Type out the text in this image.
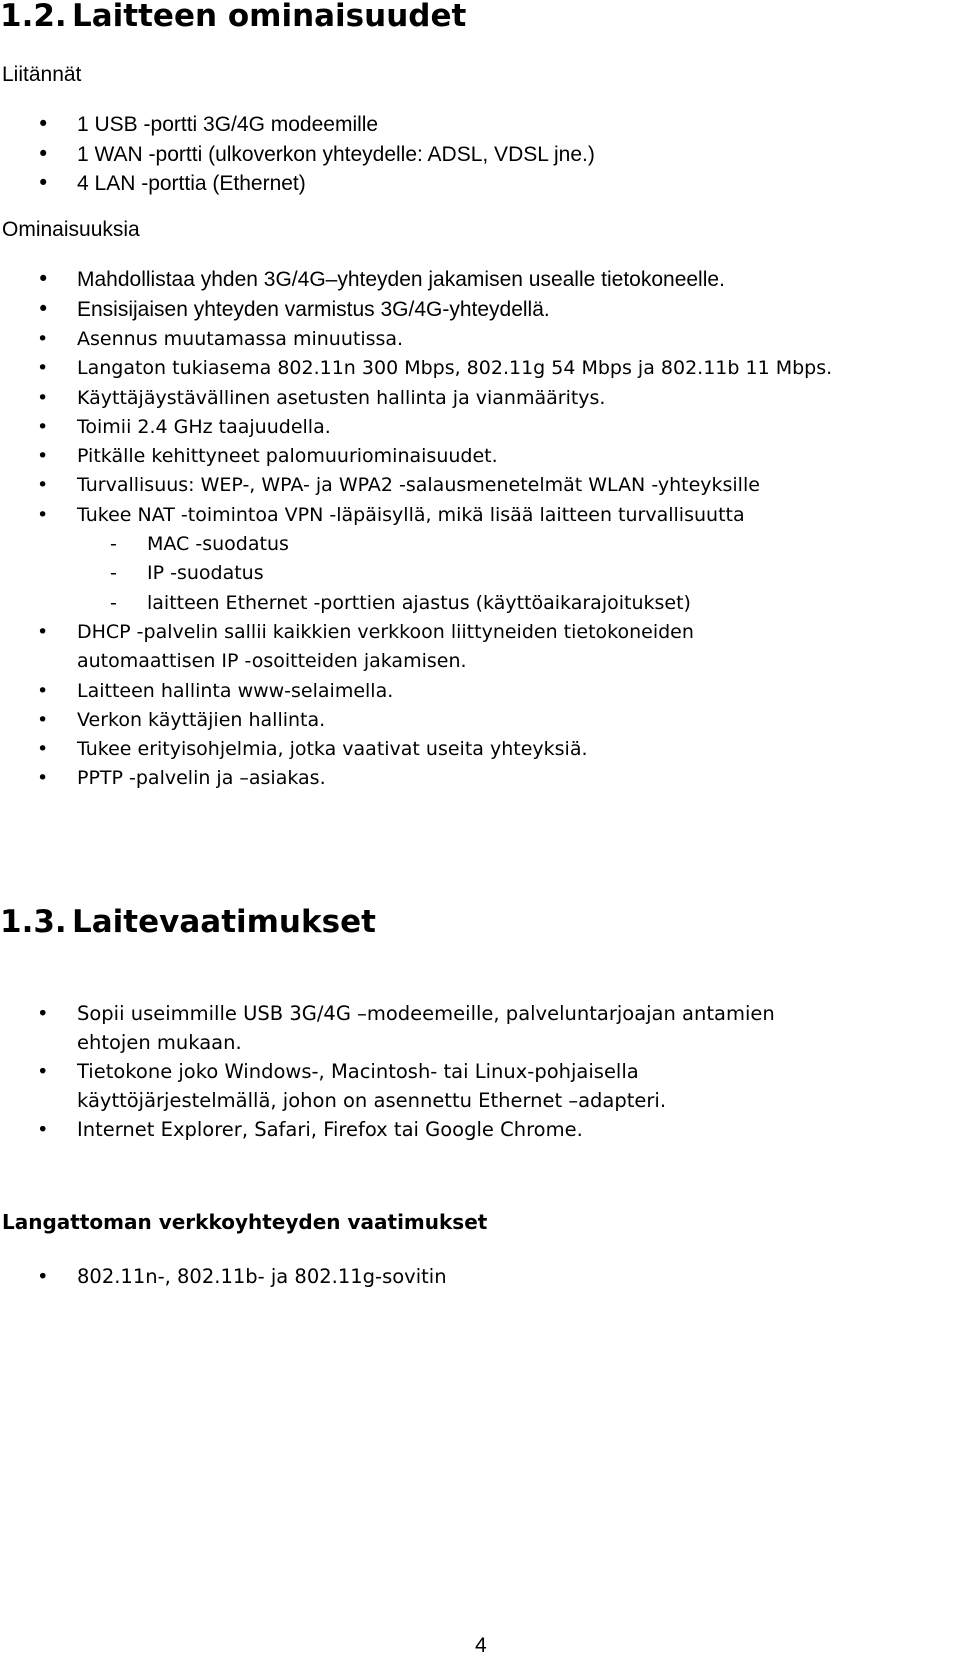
1.2. Laitteen ominaisuudet
Liitännät
• 1 USB -portti 3G/4G modeemille
• 1 WAN -portti (ulkoverkon yhteydelle: ADSL, VDSL jne.)
• 4 LAN -porttia (Ethernet)
Ominaisuuksia
• Mahdollistaa yhden 3G/4G–yhteyden jakamisen usealle tietokoneelle.
• Ensisijaisen yhteyden varmistus 3G/4G-yhteydellä.
• Asennus muutamassa minuutissa.
• Langaton tukiasema 802.11n 300 Mbps, 802.11g 54 Mbps ja 802.11b 11 Mbps.
• Käyttäjäystävällinen asetusten hallinta ja vianmääritys.
• Toimii 2.4 GHz taajuudella.
• Pitkälle kehittyneet palomuuriominaisuudet.
• Turvallisuus: WEP-, WPA- ja WPA2 -salausmenetelmät WLAN -yhteyksille
• Tukee NAT -toimintoa VPN -läpäisyllä, mikä lisää laitteen turvallisuutta
- MAC -suodatus
- IP -suodatus
- laitteen Ethernet -porttien ajastus (käyttöaikarajoitukset)
• DHCP -palvelin sallii kaikkien verkkoon liittyneiden tietokoneiden
automaattisen IP -osoitteiden jakamisen.
• Laitteen hallinta www-selaimella.
• Verkon käyttäjien hallinta.
• Tukee erityisohjelmia, jotka vaativat useita yhteyksiä.
• PPTP -palvelin ja –asiakas.
1.3. Laitevaatimukset
• Sopii useimmille USB 3G/4G –modeemeille, palveluntarjoajan antamien
ehtojen mukaan.
• Tietokone joko Windows-, Macintosh- tai Linux-pohjaisella
käyttöjärjestelmällä, johon on asennettu Ethernet –adapteri.
• Internet Explorer, Safari, Firefox tai Google Chrome.
Langattoman verkkoyhteyden vaatimukset
• 802.11n-, 802.11b- ja 802.11g-sovitin
4
